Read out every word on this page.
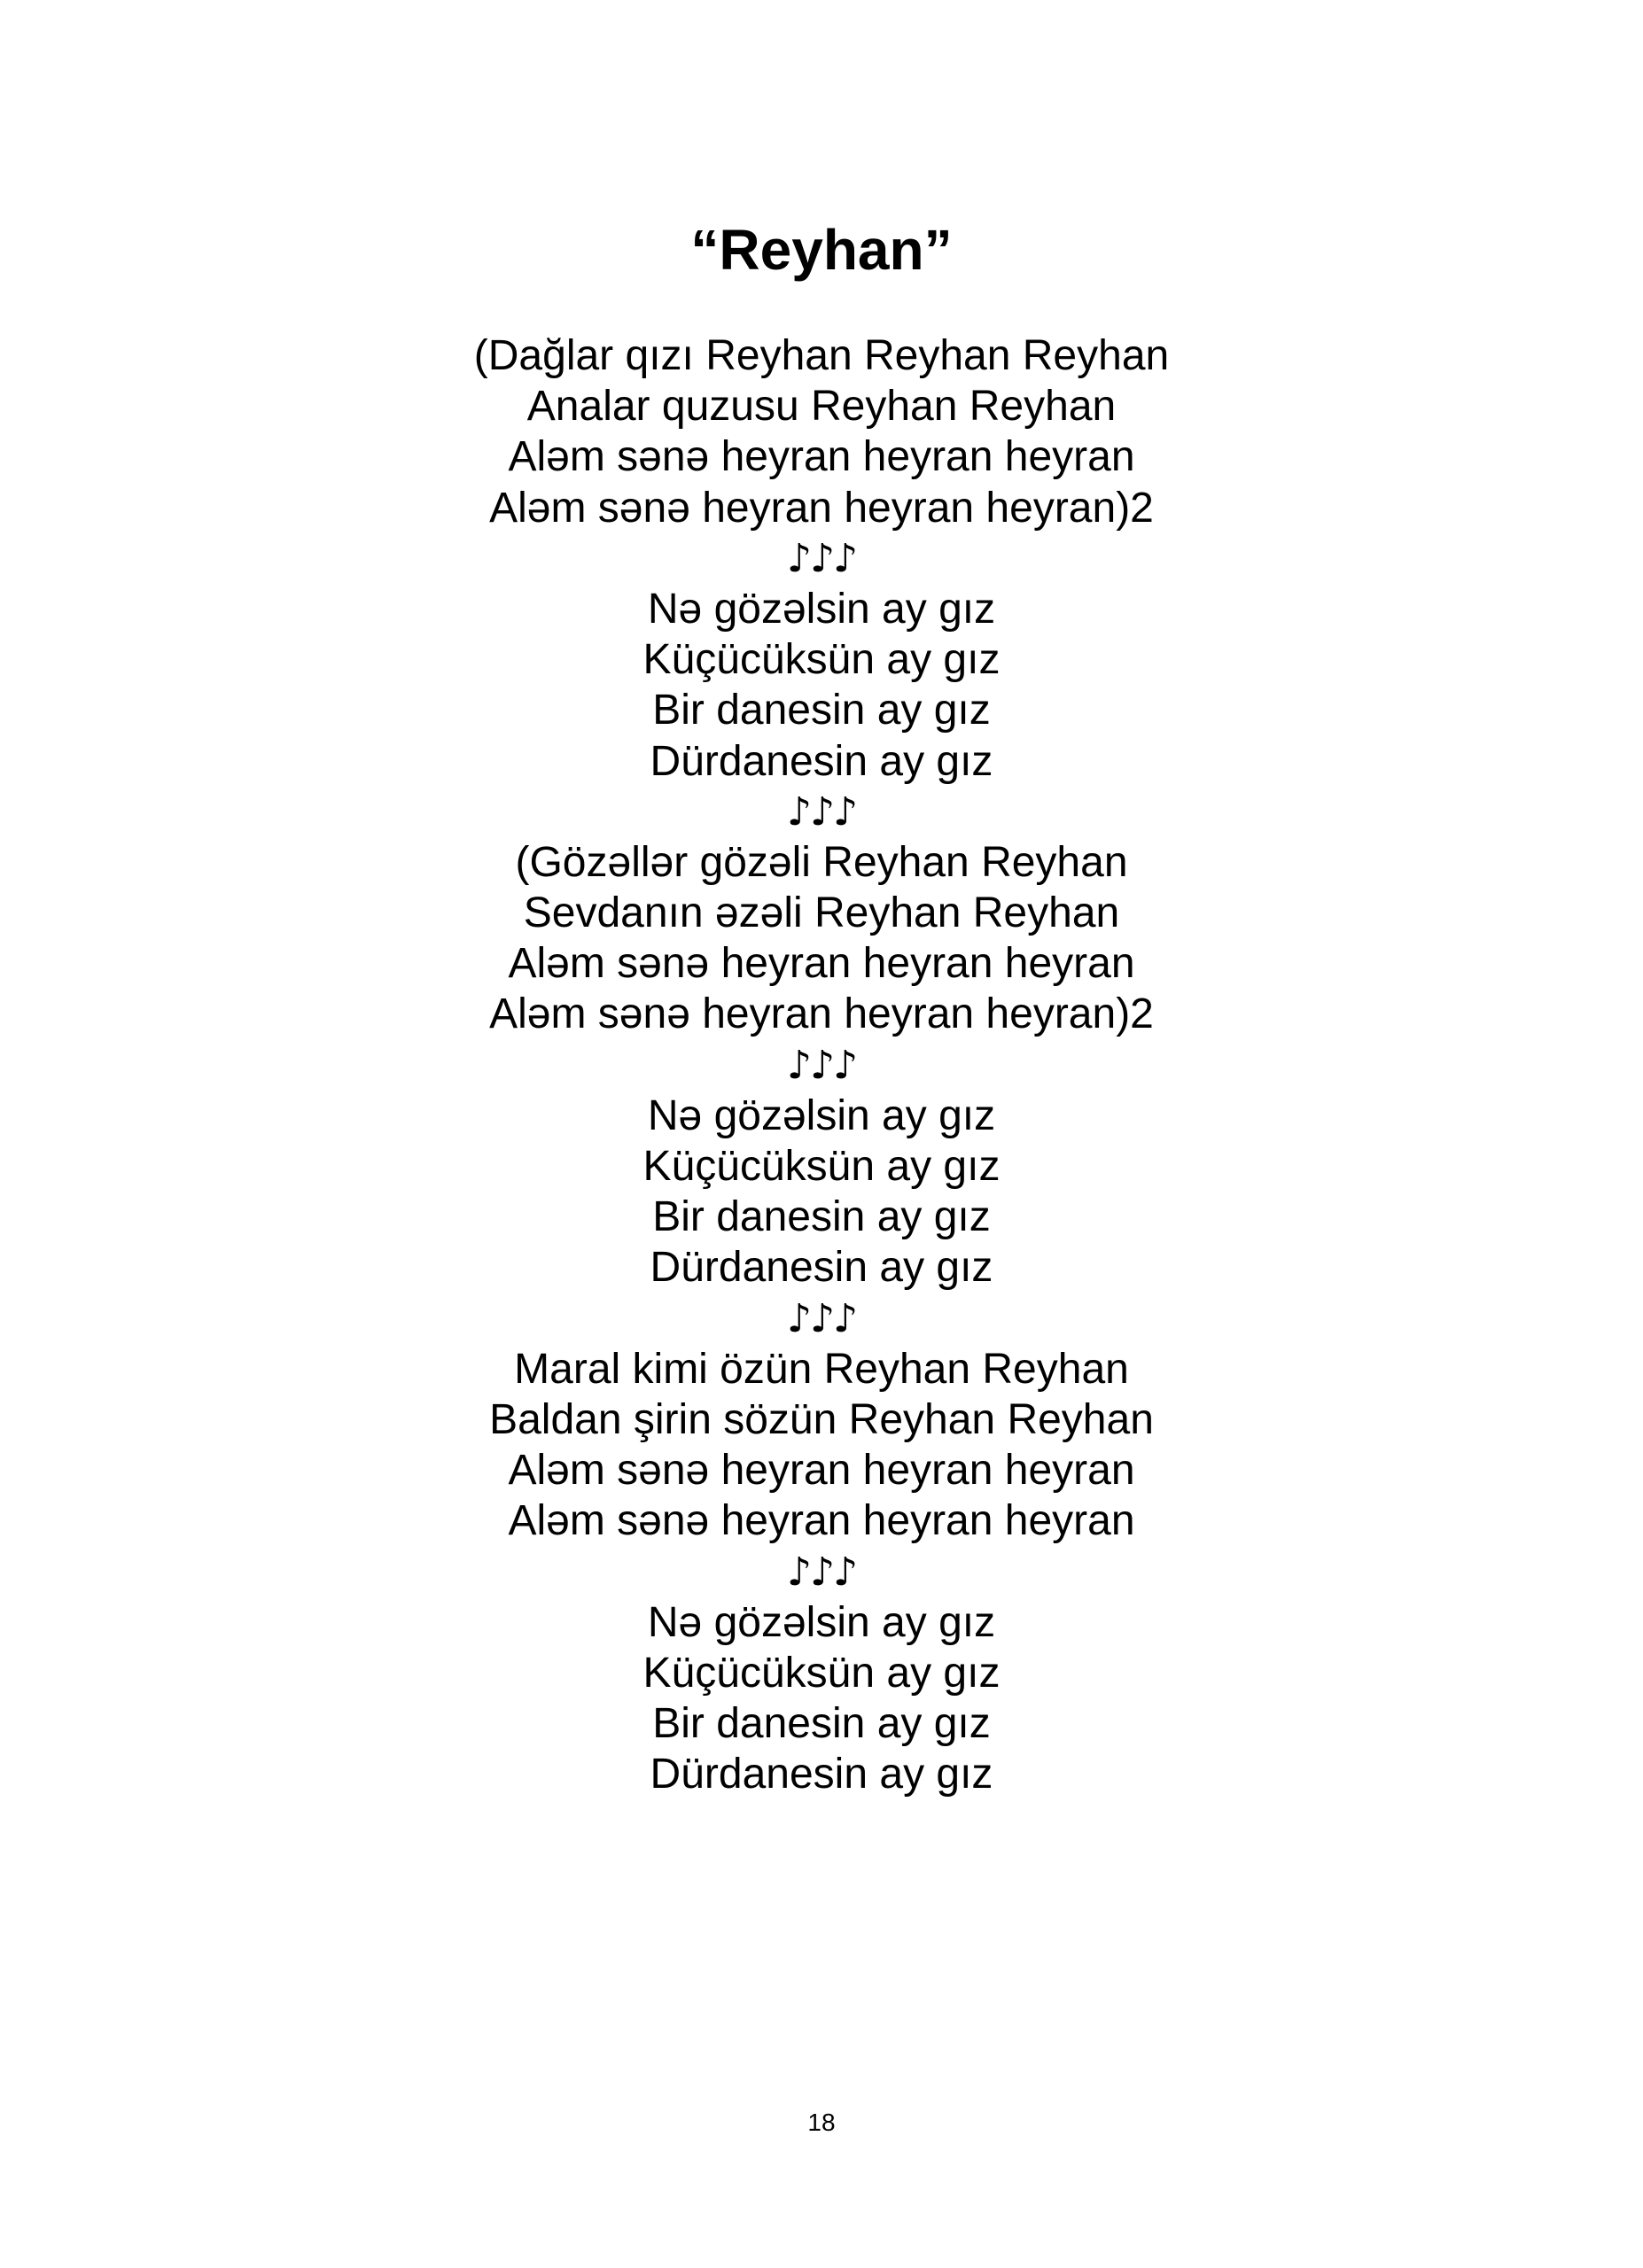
“Reyhan”
(Dağlar qızı Reyhan Reyhan Reyhan
Analar quzusu Reyhan Reyhan
Aləm sənə heyran heyran heyran
Aləm sənə heyran heyran heyran)2
♪♪♪
Nə gözəlsin ay gız
Küçücüksün ay gız
Bir danesin ay gız
Dürdanesin ay gız
♪♪♪
(Gözəllər gözəli Reyhan Reyhan
Sevdanın əzəli Reyhan Reyhan
Aləm sənə heyran heyran heyran
Aləm sənə heyran heyran heyran)2
♪♪♪
Nə gözəlsin ay gız
Küçücüksün ay gız
Bir danesin ay gız
Dürdanesin ay gız
♪♪♪
Maral kimi özün Reyhan Reyhan
Baldan şirin sözün Reyhan Reyhan
Aləm sənə heyran heyran heyran
Aləm sənə heyran heyran heyran
♪♪♪
Nə gözəlsin ay gız
Küçücüksün ay gız
Bir danesin ay gız
Dürdanesin ay gız
18
